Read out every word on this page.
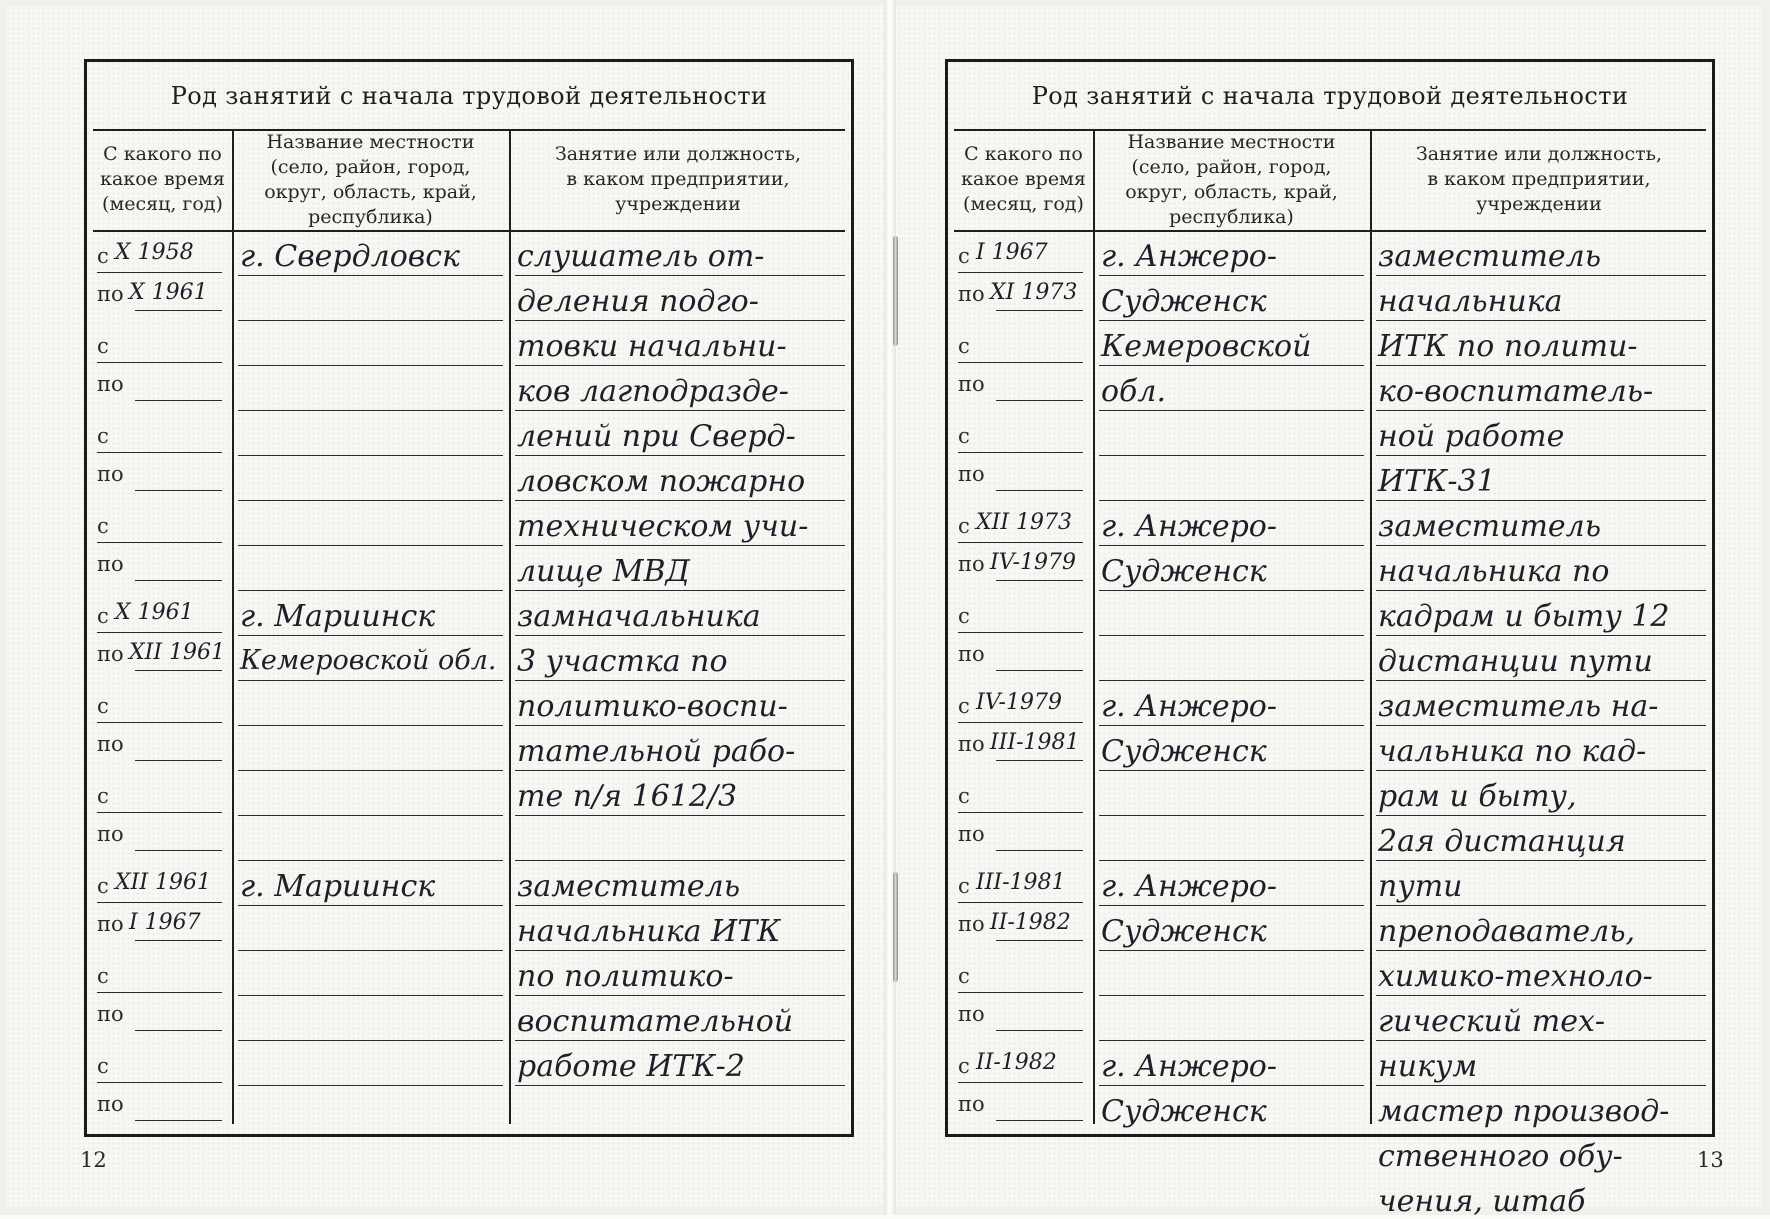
Род занятий с начала трудовой деятельности
С какого по
какое время
(месяц, год)
Название местности
(село, район, город,
округ, область, край,
республика)
Занятие или должность,
в каком предприятии,
учреждении
с
по
X 1958
X 1961
с
по
с
по
с
по
с
по
X 1961
XII 1961
с
по
с
по
с
по
XII 1961
I 1967
с
по
с
по
г. Свердловск
г. Мариинск
Кемеровской обл.
г. Мариинск
слушатель от-
деления подго-
товки начальни-
ков лагподразде-
лений при Сверд-
ловском пожарно
техническом учи-
лище МВД
замначальника
3 участка по
политико-воспи-
тательной рабо-
те п/я 1612/3
заместитель
начальника ИТК
по политико-
воспитательной
работе ИТК-2
Род занятий с начала трудовой деятельности
С какого по
какое время
(месяц, год)
Название местности
(село, район, город,
округ, область, край,
республика)
Занятие или должность,
в каком предприятии,
учреждении
с
по
I 1967
XI 1973
с
по
с
по
с
по
XII 1973
IV-1979
с
по
с
по
IV-1979
III-1981
с
по
с
по
III-1981
II-1982
с
по
с
по
II-1982
г. Анжеро-
Судженск
Кемеровской
обл.
г. Анжеро-
Судженск
г. Анжеро-
Судженск
г. Анжеро-
Судженск
г. Анжеро-
Судженск
заместитель
начальника
ИТК по полити-
ко-воспитатель-
ной работе
ИТК-31
заместитель
начальника по
кадрам и быту 12
дистанции пути
заместитель на-
чальника по кад-
рам и быту,
2ая дистанция
пути
преподаватель,
химико-техноло-
гический тех-
никум
мастер производ-
ственного обу-
чения, штаб
12	13
